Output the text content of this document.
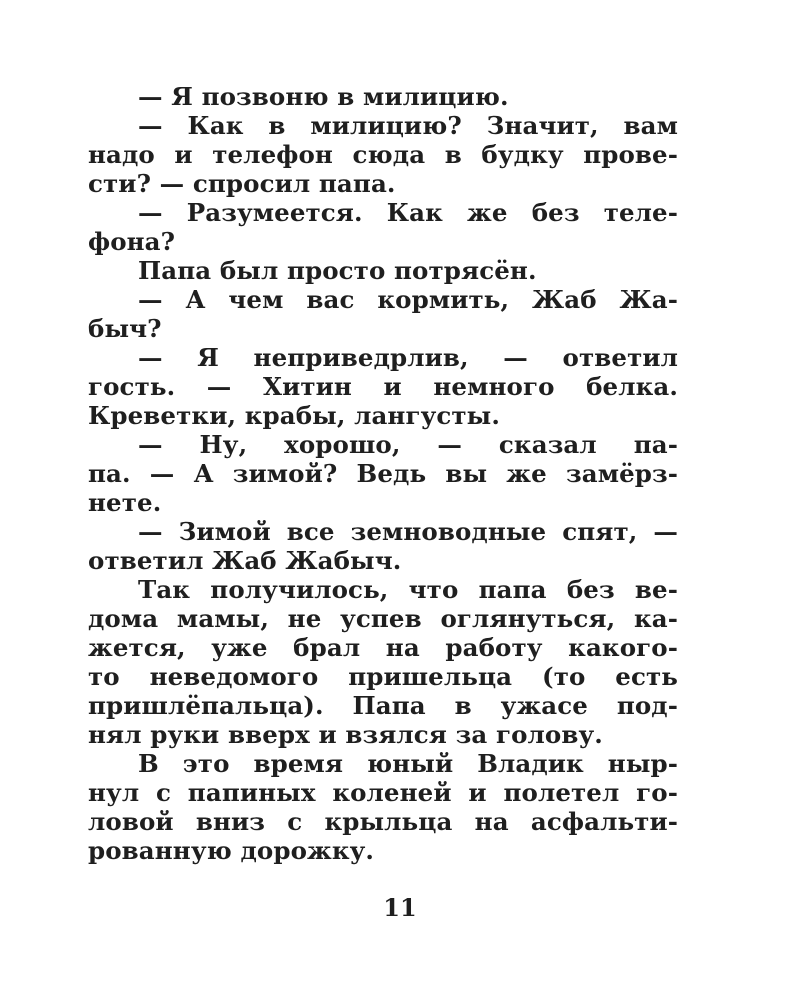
— Я позвоню в милицию.
— Как в милицию? Значит, вам
надо и телефон сюда в будку прове-
сти? — спросил папа.
— Разумеется. Как же без теле-
фона?
Папа был просто потрясён.
— А чем вас кормить, Жаб Жа-
быч?
— Я неприведрлив, — ответил
гость. — Хитин и немного белка.
Креветки, крабы, лангусты.
— Ну, хорошо, — сказал па-
па. — А зимой? Ведь вы же замёрз-
нете.
— Зимой все земноводные спят, —
ответил Жаб Жабыч.
Так получилось, что папа без ве-
дома мамы, не успев оглянуться, ка-
жется, уже брал на работу какого-
то неведомого пришельца (то есть
пришлёпальца). Папа в ужасе под-
нял руки вверх и взялся за голову.
В это время юный Владик ныр-
нул с папиных коленей и полетел го-
ловой вниз с крыльца на асфальти-
рованную дорожку.
11
